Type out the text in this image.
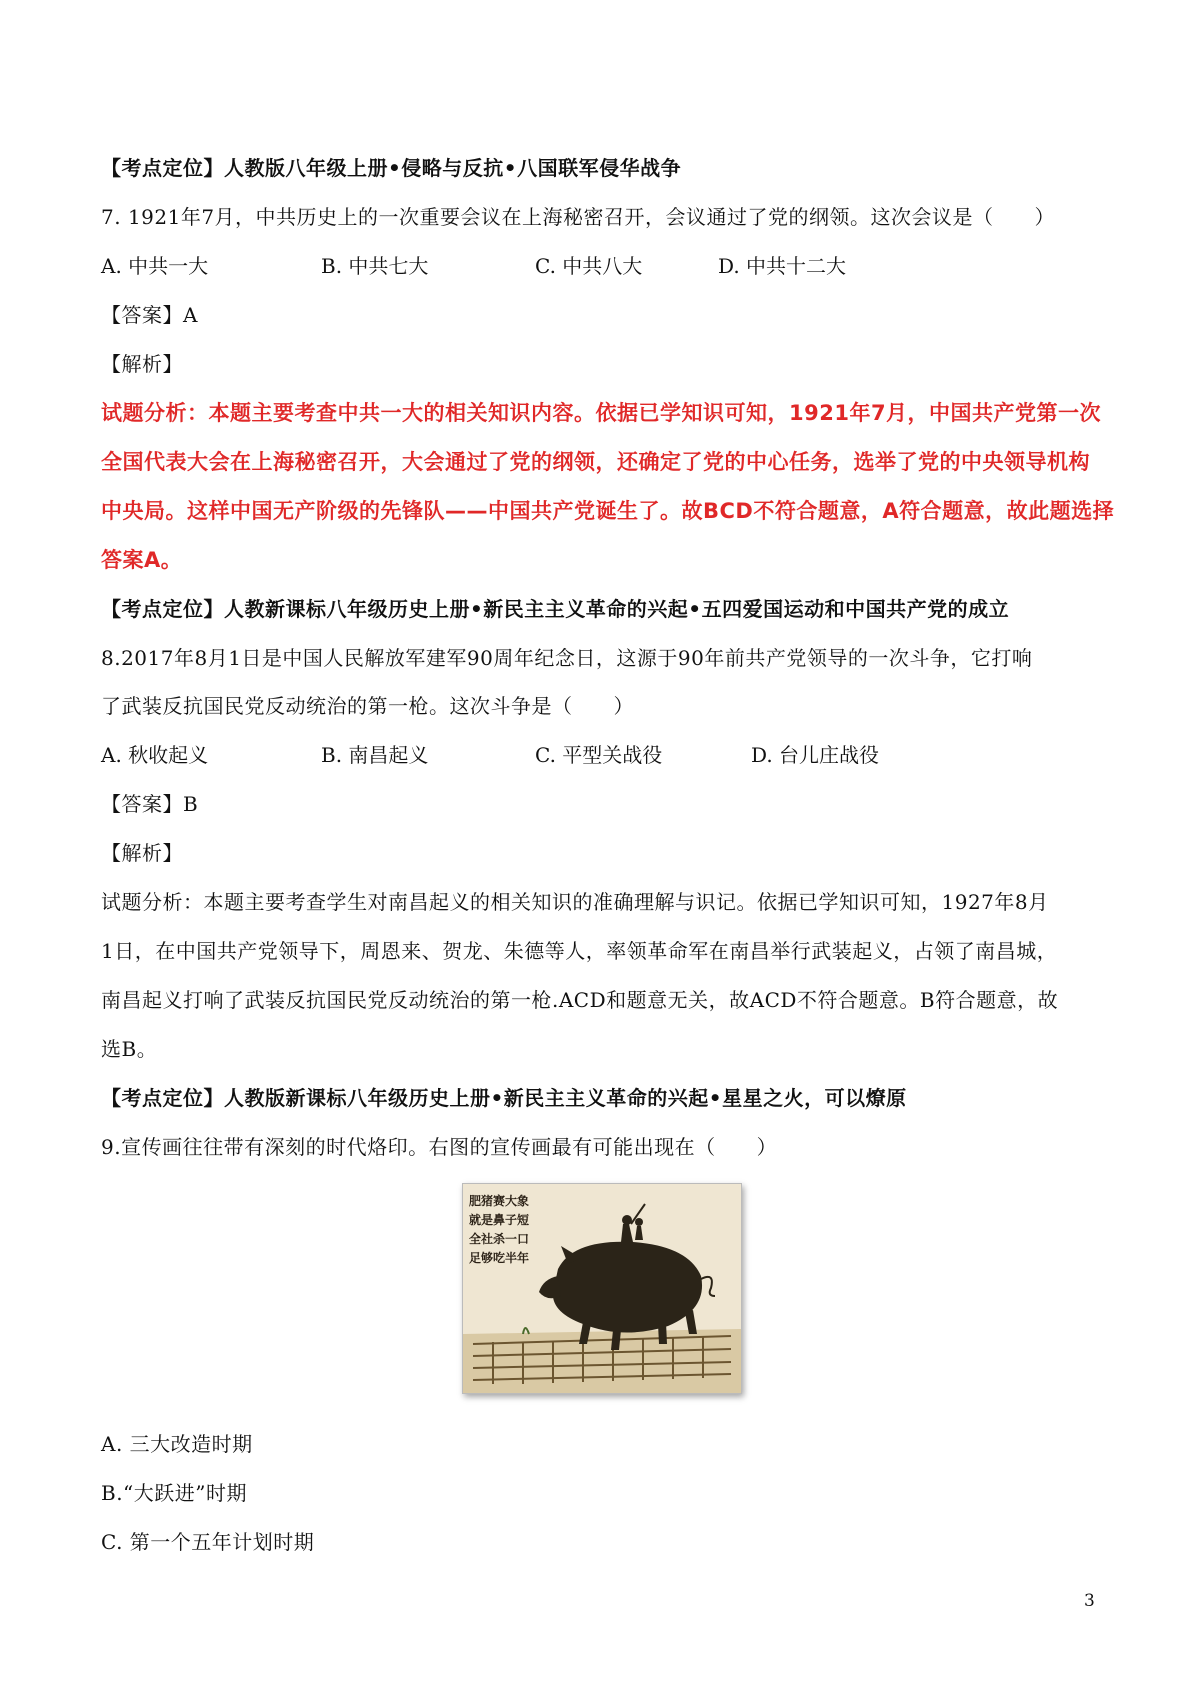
【考点定位】人教版八年级上册•侵略与反抗•八国联军侵华战争
7. 1921年7月，中共历史上的一次重要会议在上海秘密召开，会议通过了党的纲领。这次会议是（　　）
A. 中共一大	B. 中共七大	C. 中共八大	D. 中共十二大
【答案】A
【解析】
试题分析：本题主要考查中共一大的相关知识内容。依据已学知识可知，1921年7月，中国共产党第一次
全国代表大会在上海秘密召开，大会通过了党的纲领，还确定了党的中心任务，选举了党的中央领导机构
中央局。这样中国无产阶级的先锋队——中国共产党诞生了。故BCD不符合题意，A符合题意，故此题选择
答案A。
【考点定位】人教新课标八年级历史上册•新民主主义革命的兴起•五四爱国运动和中国共产党的成立
8.2017年8月1日是中国人民解放军建军90周年纪念日，这源于90年前共产党领导的一次斗争，它打响
了武装反抗国民党反动统治的第一枪。这次斗争是（　　）
A. 秋收起义	B. 南昌起义	C. 平型关战役	D. 台儿庄战役
【答案】B
【解析】
试题分析：本题主要考查学生对南昌起义的相关知识的准确理解与识记。依据已学知识可知，1927年8月
1日，在中国共产党领导下，周恩来、贺龙、朱德等人，率领革命军在南昌举行武装起义，占领了南昌城，
南昌起义打响了武装反抗国民党反动统治的第一枪.ACD和题意无关，故ACD不符合题意。B符合题意，故
选B。
【考点定位】人教版新课标八年级历史上册•新民主主义革命的兴起•星星之火，可以燎原
9.宣传画往往带有深刻的时代烙印。右图的宣传画最有可能出现在（　　）
肥猪赛大象
就是鼻子短
全社杀一口
足够吃半年
A. 三大改造时期
B.“大跃进”时期
C. 第一个五年计划时期
3
